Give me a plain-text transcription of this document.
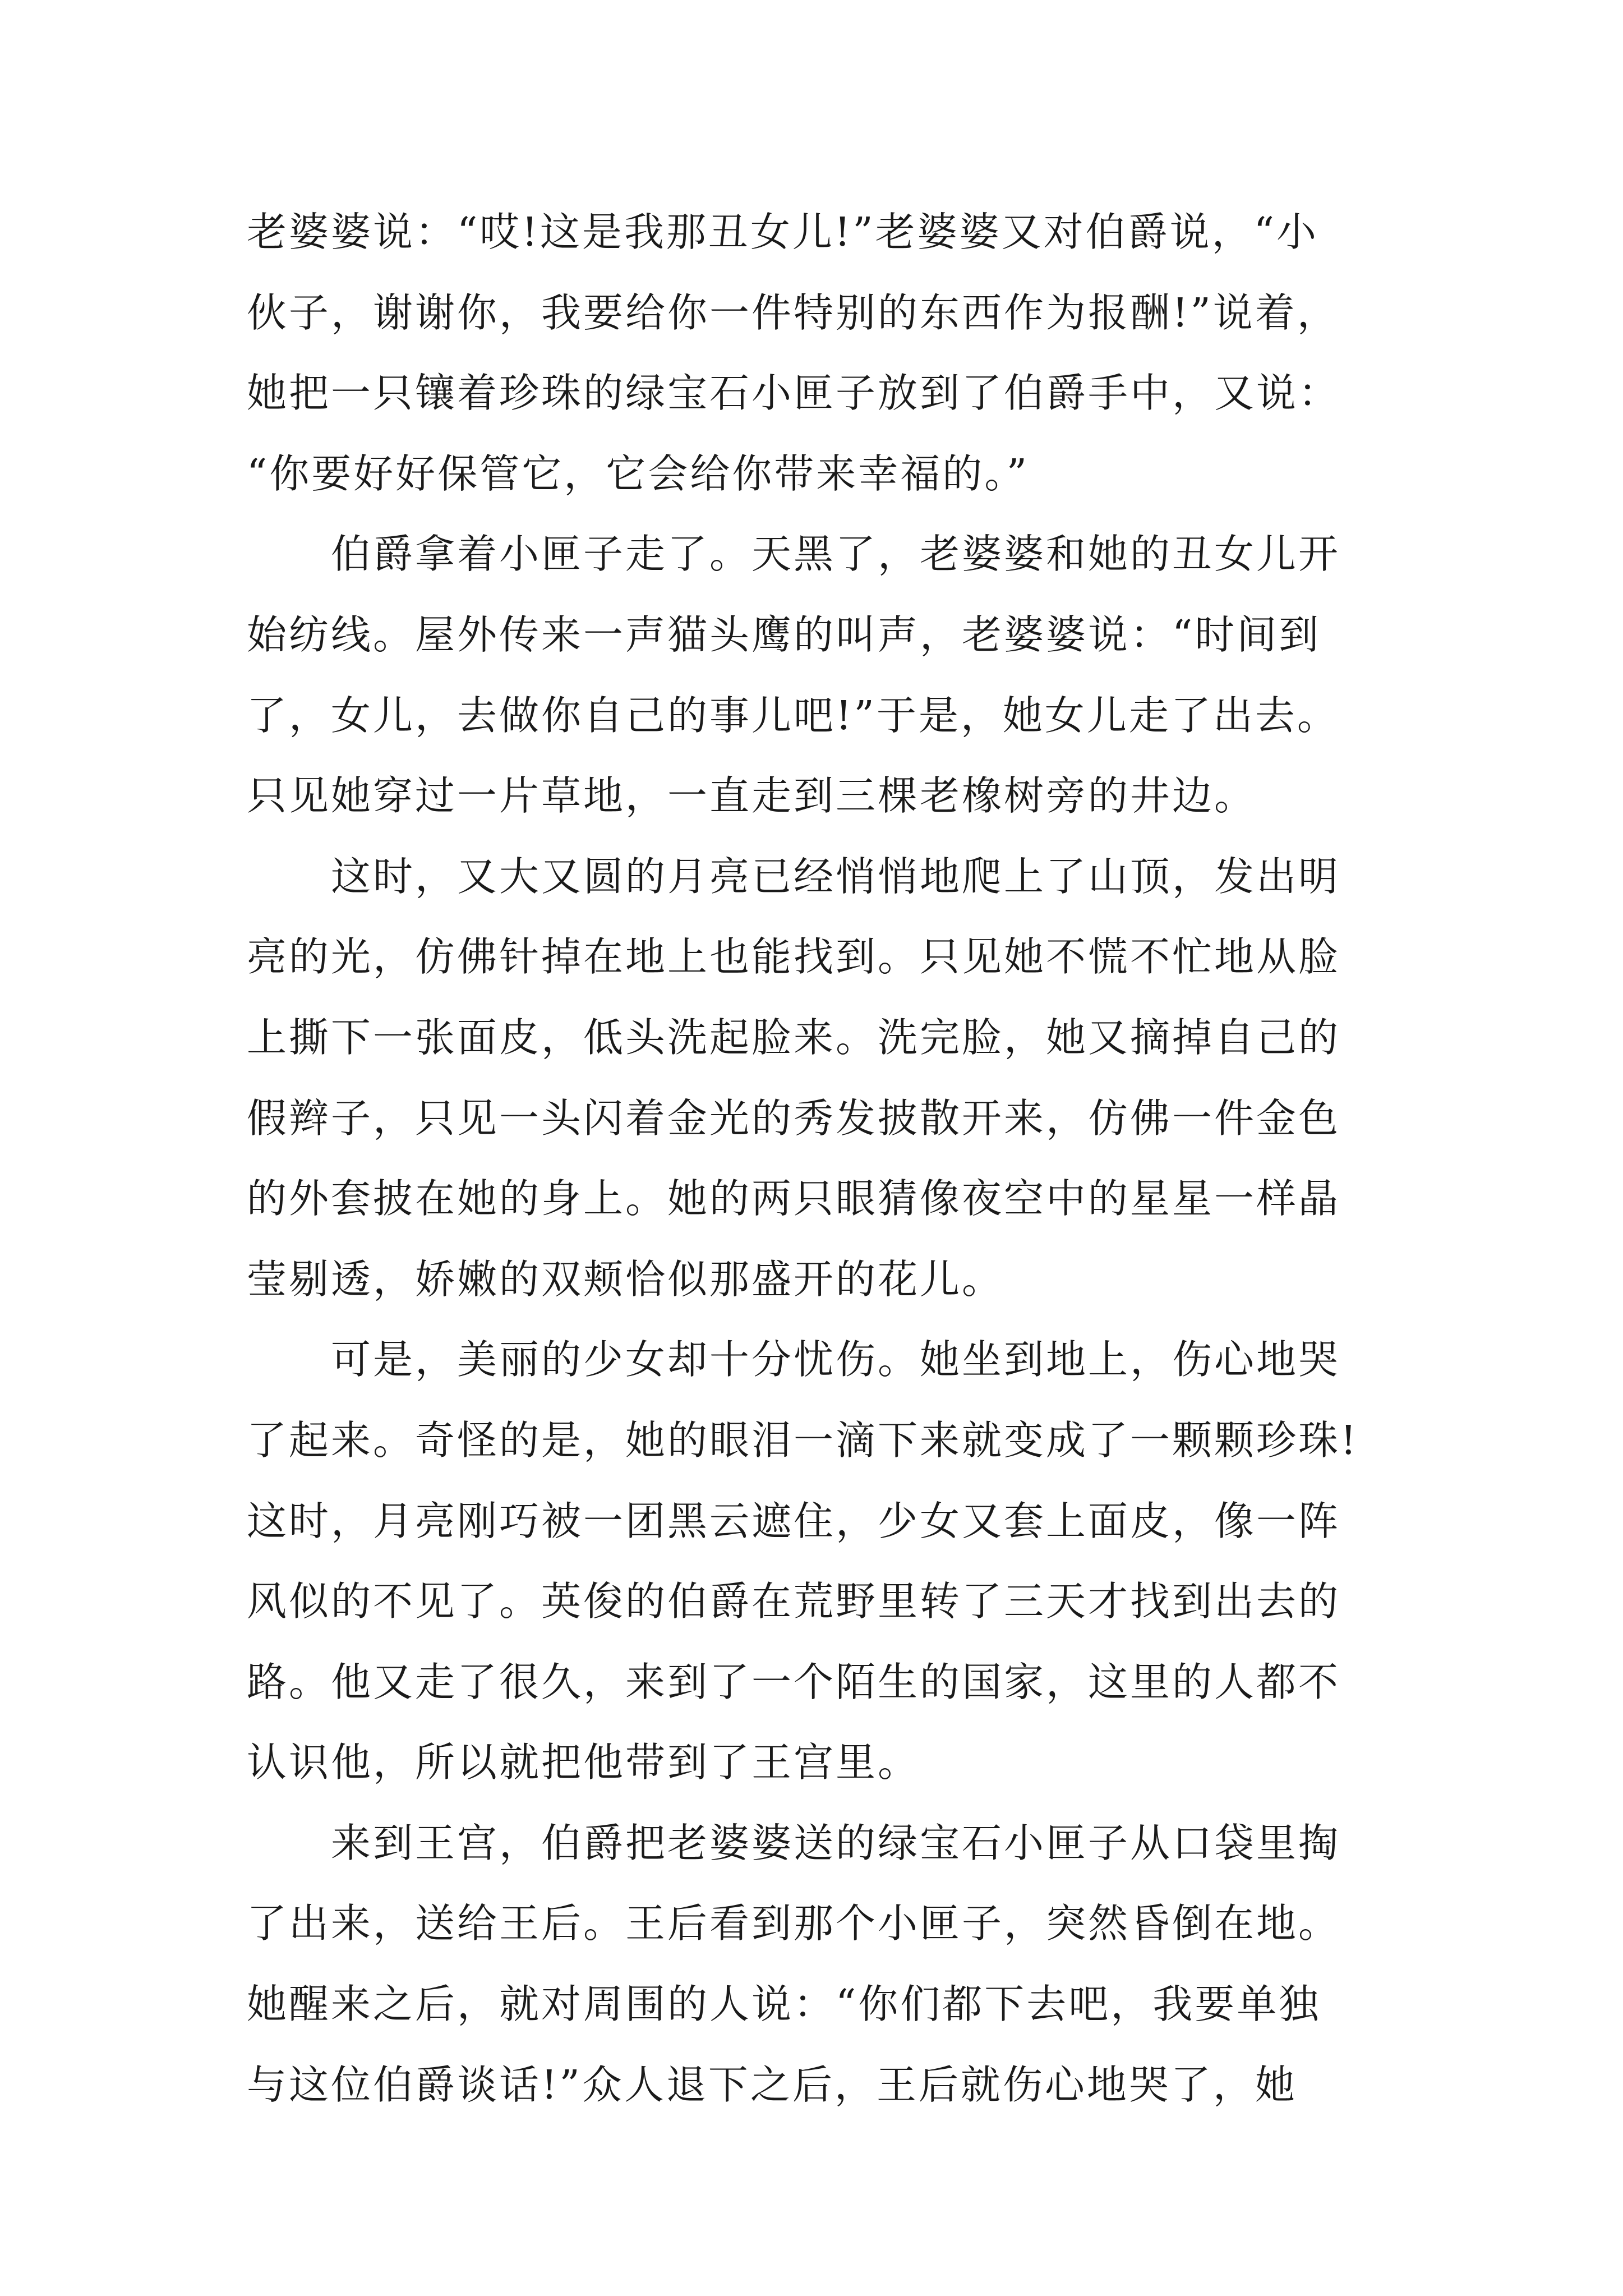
老婆婆说：“哎!这是我那丑女儿!”老婆婆又对伯爵说，“小
伙子，谢谢你，我要给你一件特别的东西作为报酬!”说着，
她把一只镶着珍珠的绿宝石小匣子放到了伯爵手中，又说：
“你要好好保管它，它会给你带来幸福的。”
伯爵拿着小匣子走了。天黑了，老婆婆和她的丑女儿开
始纺线。屋外传来一声猫头鹰的叫声，老婆婆说：“时间到
了，女儿，去做你自己的事儿吧!”于是，她女儿走了出去。
只见她穿过一片草地，一直走到三棵老橡树旁的井边。
这时，又大又圆的月亮已经悄悄地爬上了山顶，发出明
亮的光，仿佛针掉在地上也能找到。只见她不慌不忙地从脸
上撕下一张面皮，低头洗起脸来。洗完脸，她又摘掉自己的
假辫子，只见一头闪着金光的秀发披散开来，仿佛一件金色
的外套披在她的身上。她的两只眼猜像夜空中的星星一样晶
莹剔透，娇嫩的双颊恰似那盛开的花儿。
可是，美丽的少女却十分忧伤。她坐到地上，伤心地哭
了起来。奇怪的是，她的眼泪一滴下来就变成了一颗颗珍珠!
这时，月亮刚巧被一团黑云遮住，少女又套上面皮，像一阵
风似的不见了。英俊的伯爵在荒野里转了三天才找到出去的
路。他又走了很久，来到了一个陌生的国家，这里的人都不
认识他，所以就把他带到了王宫里。
来到王宫，伯爵把老婆婆送的绿宝石小匣子从口袋里掏
了出来，送给王后。王后看到那个小匣子，突然昏倒在地。
她醒来之后，就对周围的人说：“你们都下去吧，我要单独
与这位伯爵谈话!”众人退下之后，王后就伤心地哭了，她
